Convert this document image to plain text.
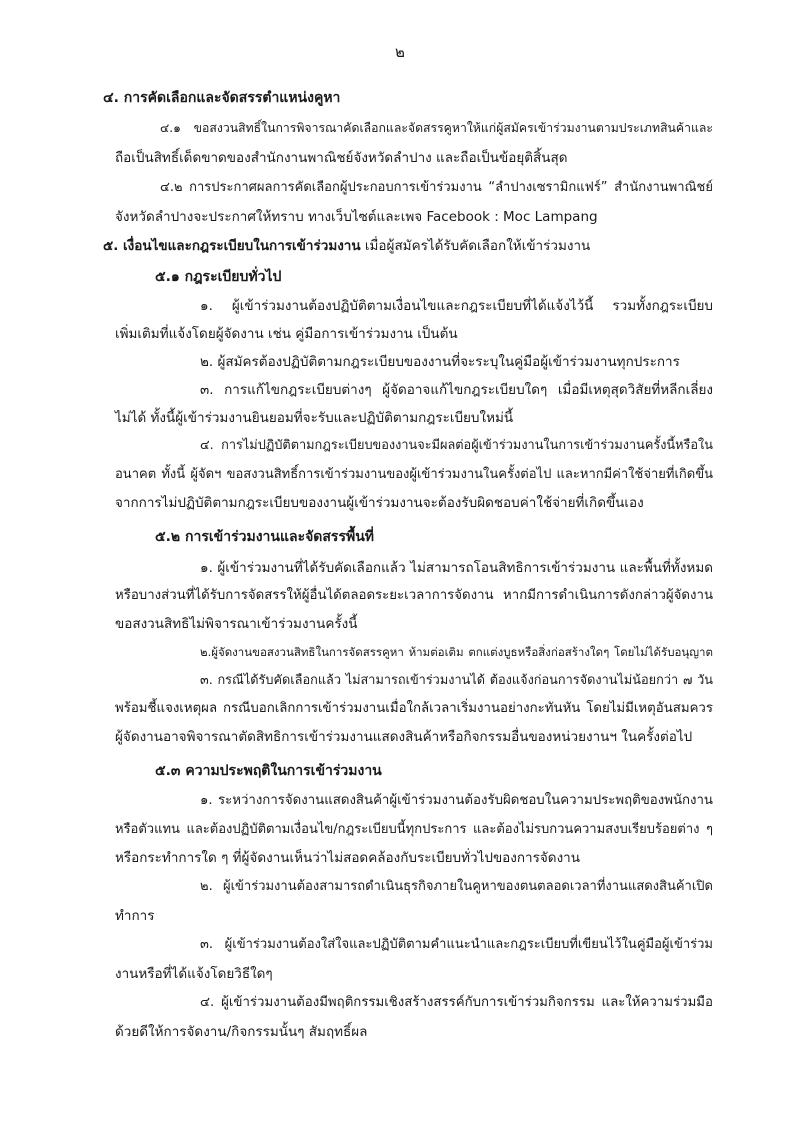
๒
๔. การคัดเลือกและจัดสรรตำแหน่งคูหา
๔.๑ ขอสงวนสิทธิ์ในการพิจารณาคัดเลือกและจัดสรรคูหาให้แก่ผู้สมัครเข้าร่วมงานตามประเภทสินค้าและ
ถือเป็นสิทธิ์เด็ดขาดของสำนักงานพาณิชย์จังหวัดลำปาง และถือเป็นข้อยุติสิ้นสุด
๔.๒ การประกาศผลการคัดเลือกผู้ประกอบการเข้าร่วมงาน “ลำปางเซรามิกแฟร์” สำนักงานพาณิชย์
จังหวัดลำปางจะประกาศให้ทราบ ทางเว็บไซต์และเพจ Facebook : Moc Lampang
๕. เงื่อนไขและกฎระเบียบในการเข้าร่วมงาน เมื่อผู้สมัครได้รับคัดเลือกให้เข้าร่วมงาน
๕.๑ กฎระเบียบทั่วไป
๑. ผู้เข้าร่วมงานต้องปฏิบัติตามเงื่อนไขและกฎระเบียบที่ได้แจ้งไว้นี้ รวมทั้งกฎระเบียบ
เพิ่มเติมที่แจ้งโดยผู้จัดงาน เช่น คู่มือการเข้าร่วมงาน เป็นต้น
๒. ผู้สมัครต้องปฏิบัติตามกฎระเบียบของงานที่จะระบุในคู่มือผู้เข้าร่วมงานทุกประการ
๓. การแก้ไขกฎระเบียบต่างๆ ผู้จัดอาจแก้ไขกฎระเบียบใดๆ เมื่อมีเหตุสุดวิสัยที่หลีกเลี่ยง
ไม่ได้ ทั้งนี้ผู้เข้าร่วมงานยินยอมที่จะรับและปฏิบัติตามกฎระเบียบใหม่นี้
๔. การไม่ปฏิบัติตามกฎระเบียบของงานจะมีผลต่อผู้เข้าร่วมงานในการเข้าร่วมงานครั้งนี้หรือใน
อนาคต ทั้งนี้ ผู้จัดฯ ขอสงวนสิทธิ์การเข้าร่วมงานของผู้เข้าร่วมงานในครั้งต่อไป และหากมีค่าใช้จ่ายที่เกิดขึ้น
จากการไม่ปฏิบัติตามกฎระเบียบของงานผู้เข้าร่วมงานจะต้องรับผิดชอบค่าใช้จ่ายที่เกิดขึ้นเอง
๕.๒ การเข้าร่วมงานและจัดสรรพื้นที่
๑. ผู้เข้าร่วมงานที่ได้รับคัดเลือกแล้ว ไม่สามารถโอนสิทธิการเข้าร่วมงาน และพื้นที่ทั้งหมด
หรือบางส่วนที่ได้รับการจัดสรรให้ผู้อื่นได้ตลอดระยะเวลาการจัดงาน หากมีการดำเนินการดังกล่าวผู้จัดงาน
ขอสงวนสิทธิไม่พิจารณาเข้าร่วมงานครั้งนี้
๒.ผู้จัดงานขอสงวนสิทธิในการจัดสรรคูหา ห้ามต่อเติม ตกแต่งบูธหรือสิ่งก่อสร้างใดๆ โดยไม่ได้รับอนุญาต
๓. กรณีได้รับคัดเลือกแล้ว ไม่สามารถเข้าร่วมงานได้ ต้องแจ้งก่อนการจัดงานไม่น้อยกว่า ๗ วัน
พร้อมชี้แจงเหตุผล กรณีบอกเลิกการเข้าร่วมงานเมื่อใกล้เวลาเริ่มงานอย่างกะทันหัน โดยไม่มีเหตุอันสมควร
ผู้จัดงานอาจพิจารณาตัดสิทธิการเข้าร่วมงานแสดงสินค้าหรือกิจกรรมอื่นของหน่วยงานฯ ในครั้งต่อไป
๕.๓ ความประพฤติในการเข้าร่วมงาน
๑. ระหว่างการจัดงานแสดงสินค้าผู้เข้าร่วมงานต้องรับผิดชอบในความประพฤติของพนักงาน
หรือตัวแทน และต้องปฏิบัติตามเงื่อนไข/กฎระเบียบนี้ทุกประการ และต้องไม่รบกวนความสงบเรียบร้อยต่าง ๆ
หรือกระทำการใด ๆ ที่ผู้จัดงานเห็นว่าไม่สอดคล้องกับระเบียบทั่วไปของการจัดงาน
๒. ผู้เข้าร่วมงานต้องสามารถดำเนินธุรกิจภายในคูหาของตนตลอดเวลาที่งานแสดงสินค้าเปิด
ทำการ
๓. ผู้เข้าร่วมงานต้องใส่ใจและปฏิบัติตามคำแนะนำและกฎระเบียบที่เขียนไว้ในคู่มือผู้เข้าร่วม
งานหรือที่ได้แจ้งโดยวิธีใดๆ
๔. ผู้เข้าร่วมงานต้องมีพฤติกรรมเชิงสร้างสรรค์กับการเข้าร่วมกิจกรรม และให้ความร่วมมือ
ด้วยดีให้การจัดงาน/กิจกรรมนั้นๆ สัมฤทธิ์ผล
